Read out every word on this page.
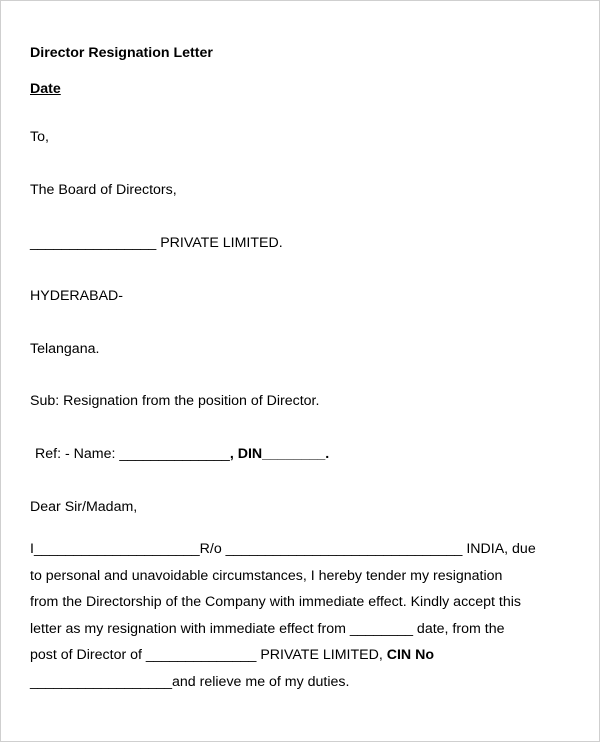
Director Resignation Letter
Date
To,
The Board of Directors,
________________ PRIVATE LIMITED.
HYDERABAD-
Telangana.
Sub: Resignation from the position of Director.
Ref: - Name: ______________, DIN________.
Dear Sir/Madam,
I_____________________R/o ______________________________ INDIA, due
to personal and unavoidable circumstances, I hereby tender my resignation
from the Directorship of the Company with immediate effect. Kindly accept this
letter as my resignation with immediate effect from ________ date, from the
post of Director of ______________ PRIVATE LIMITED, CIN No
__________________and relieve me of my duties.
